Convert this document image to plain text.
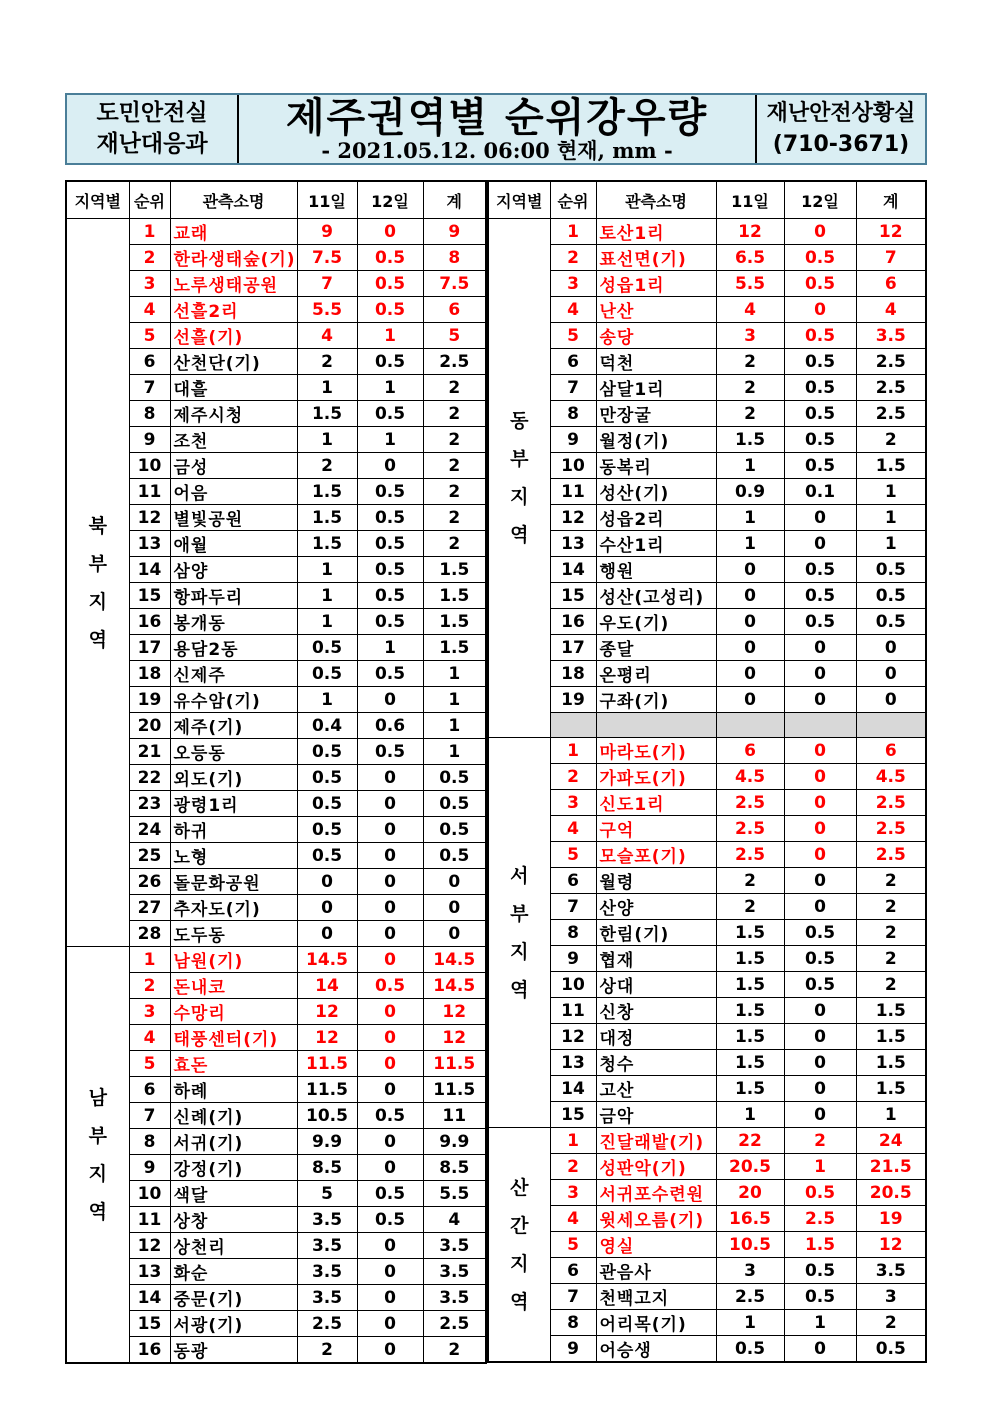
도민안전실
재난대응과
제주권역별 순위강우량
- 2021.05.12. 06:00 현재, mm -
재난안전상황실
(710-3671)
지역별	순위	관측소명	11일	12일	계
북
부
지
역	1	교래	9	0	9
	2	한라생태숲(기)	7.5	0.5	8
	3	노루생태공원	7	0.5	7.5
	4	선흘2리	5.5	0.5	6
	5	선흘(기)	4	1	5
	6	산천단(기)	2	0.5	2.5
	7	대흘	1	1	2
	8	제주시청	1.5	0.5	2
	9	조천	1	1	2
	10	금성	2	0	2
	11	어음	1.5	0.5	2
	12	별빛공원	1.5	0.5	2
	13	애월	1.5	0.5	2
	14	삼양	1	0.5	1.5
	15	항파두리	1	0.5	1.5
	16	봉개동	1	0.5	1.5
	17	용담2동	0.5	1	1.5
	18	신제주	0.5	0.5	1
	19	유수암(기)	1	0	1
	20	제주(기)	0.4	0.6	1
	21	오등동	0.5	0.5	1
	22	외도(기)	0.5	0	0.5
	23	광령1리	0.5	0	0.5
	24	하귀	0.5	0	0.5
	25	노형	0.5	0	0.5
	26	돌문화공원	0	0	0
	27	추자도(기)	0	0	0
	28	도두동	0	0	0
남
부
지
역	1	남원(기)	14.5	0	14.5
	2	돈내코	14	0.5	14.5
	3	수망리	12	0	12
	4	태풍센터(기)	12	0	12
	5	효돈	11.5	0	11.5
	6	하례	11.5	0	11.5
	7	신례(기)	10.5	0.5	11
	8	서귀(기)	9.9	0	9.9
	9	강정(기)	8.5	0	8.5
	10	색달	5	0.5	5.5
	11	상창	3.5	0.5	4
	12	상천리	3.5	0	3.5
	13	화순	3.5	0	3.5
	14	중문(기)	3.5	0	3.5
	15	서광(기)	2.5	0	2.5
	16	동광	2	0	2
지역별	순위	관측소명	11일	12일	계
동
부
지
역	1	토산1리	12	0	12
	2	표선면(기)	6.5	0.5	7
	3	성읍1리	5.5	0.5	6
	4	난산	4	0	4
	5	송당	3	0.5	3.5
	6	덕천	2	0.5	2.5
	7	삼달1리	2	0.5	2.5
	8	만장굴	2	0.5	2.5
	9	월정(기)	1.5	0.5	2
	10	동복리	1	0.5	1.5
	11	성산(기)	0.9	0.1	1
	12	성읍2리	1	0	1
	13	수산1리	1	0	1
	14	행원	0	0.5	0.5
	15	성산(고성리)	0	0.5	0.5
	16	우도(기)	0	0.5	0.5
	17	종달	0	0	0
	18	온평리	0	0	0
	19	구좌(기)	0	0	0

서
부
지
역	1	마라도(기)	6	0	6
	2	가파도(기)	4.5	0	4.5
	3	신도1리	2.5	0	2.5
	4	구억	2.5	0	2.5
	5	모슬포(기)	2.5	0	2.5
	6	월령	2	0	2
	7	산양	2	0	2
	8	한림(기)	1.5	0.5	2
	9	협재	1.5	0.5	2
	10	상대	1.5	0.5	2
	11	신창	1.5	0	1.5
	12	대정	1.5	0	1.5
	13	청수	1.5	0	1.5
	14	고산	1.5	0	1.5
	15	금악	1	0	1
산
간
지
역	1	진달래밭(기)	22	2	24
	2	성판악(기)	20.5	1	21.5
	3	서귀포수련원	20	0.5	20.5
	4	윗세오름(기)	16.5	2.5	19
	5	영실	10.5	1.5	12
	6	관음사	3	0.5	3.5
	7	천백고지	2.5	0.5	3
	8	어리목(기)	1	1	2
	9	어승생	0.5	0	0.5
